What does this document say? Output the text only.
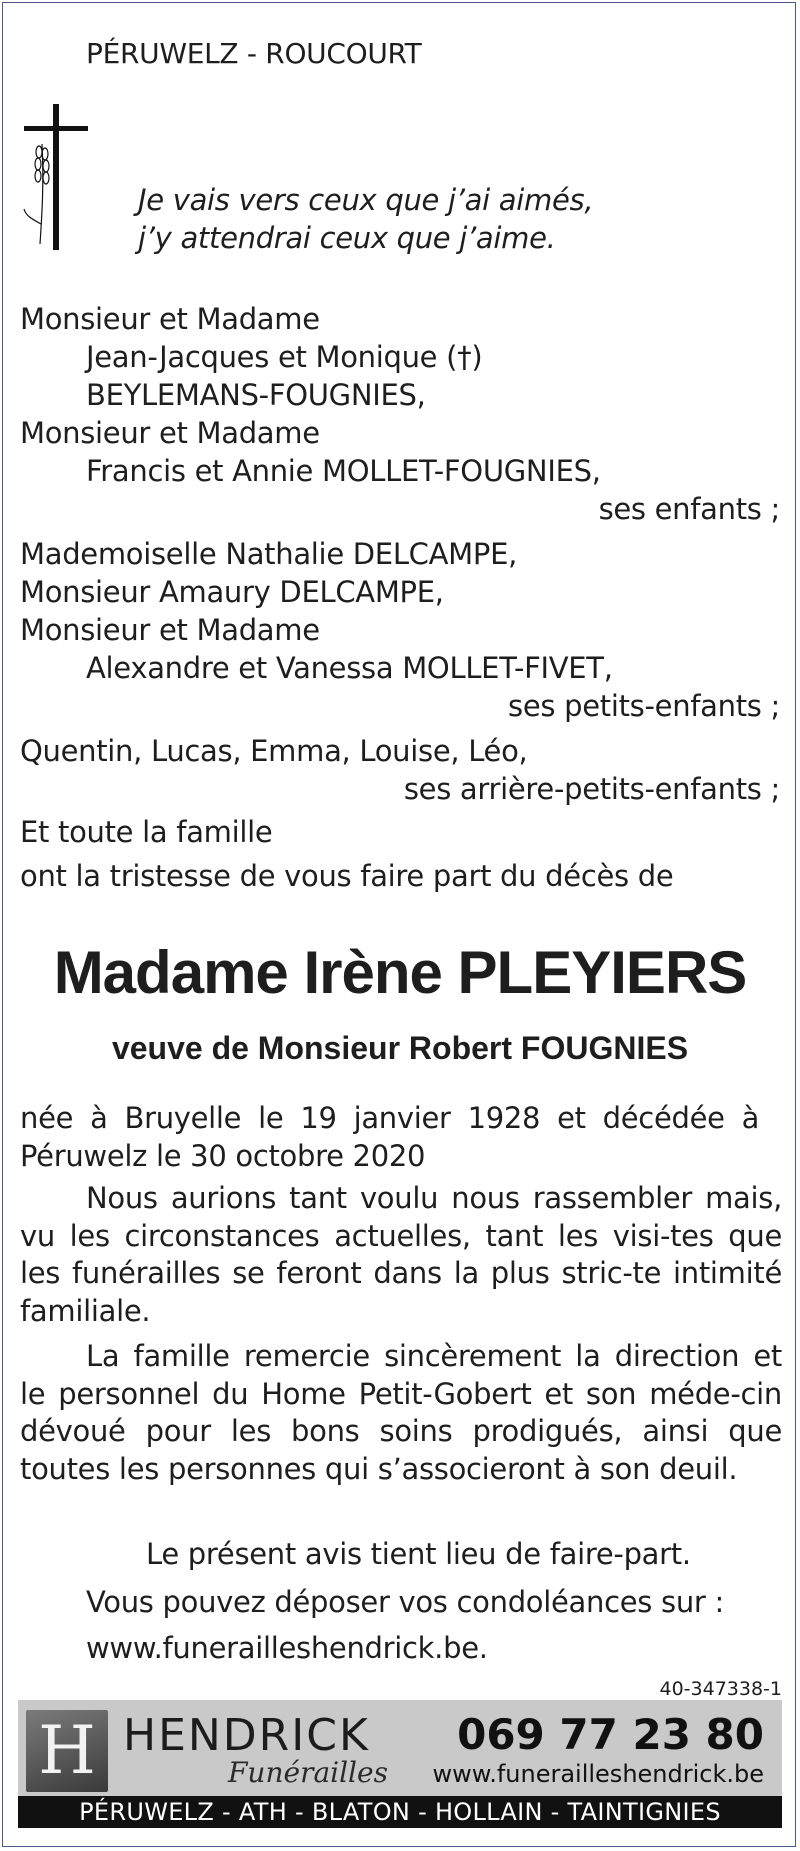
PÉRUWELZ - ROUCOURT
Je vais vers ceux que j’ai aimés,
j’y attendrai ceux que j’aime.
Monsieur et Madame
Jean-Jacques et Monique (†)
BEYLEMANS-FOUGNIES,
Monsieur et Madame
Francis et Annie MOLLET-FOUGNIES,
ses enfants ;
Mademoiselle Nathalie DELCAMPE,
Monsieur Amaury DELCAMPE,
Monsieur et Madame
Alexandre et Vanessa MOLLET-FIVET,
ses petits-enfants ;
Quentin, Lucas, Emma, Louise, Léo,
ses arrière-petits-enfants ;
Et toute la famille
ont la tristesse de vous faire part du décès de
Madame Irène PLEYIERS
veuve de Monsieur Robert FOUGNIES
née à Bruyelle le 19 janvier 1928 et décédée à
Péruwelz le 30 octobre 2020
Nous aurions tant voulu nous rassembler mais, vu les circonstances actuelles, tant les visi-tes que les funérailles se feront dans la plus stric-te intimité familiale.
La famille remercie sincèrement la direction et le personnel du Home Petit-Gobert et son méde-cin dévoué pour les bons soins prodigués, ainsi que toutes les personnes qui s’associeront à son deuil.
Le présent avis tient lieu de faire-part.
Vous pouvez déposer vos condoléances sur :
www.funerailleshendrick.be.
40-347338-1
H HENDRICK
Funérailles
069 77 23 80
www.funerailleshendrick.be
PÉRUWELZ - ATH - BLATON - HOLLAIN - TAINTIGNIES
